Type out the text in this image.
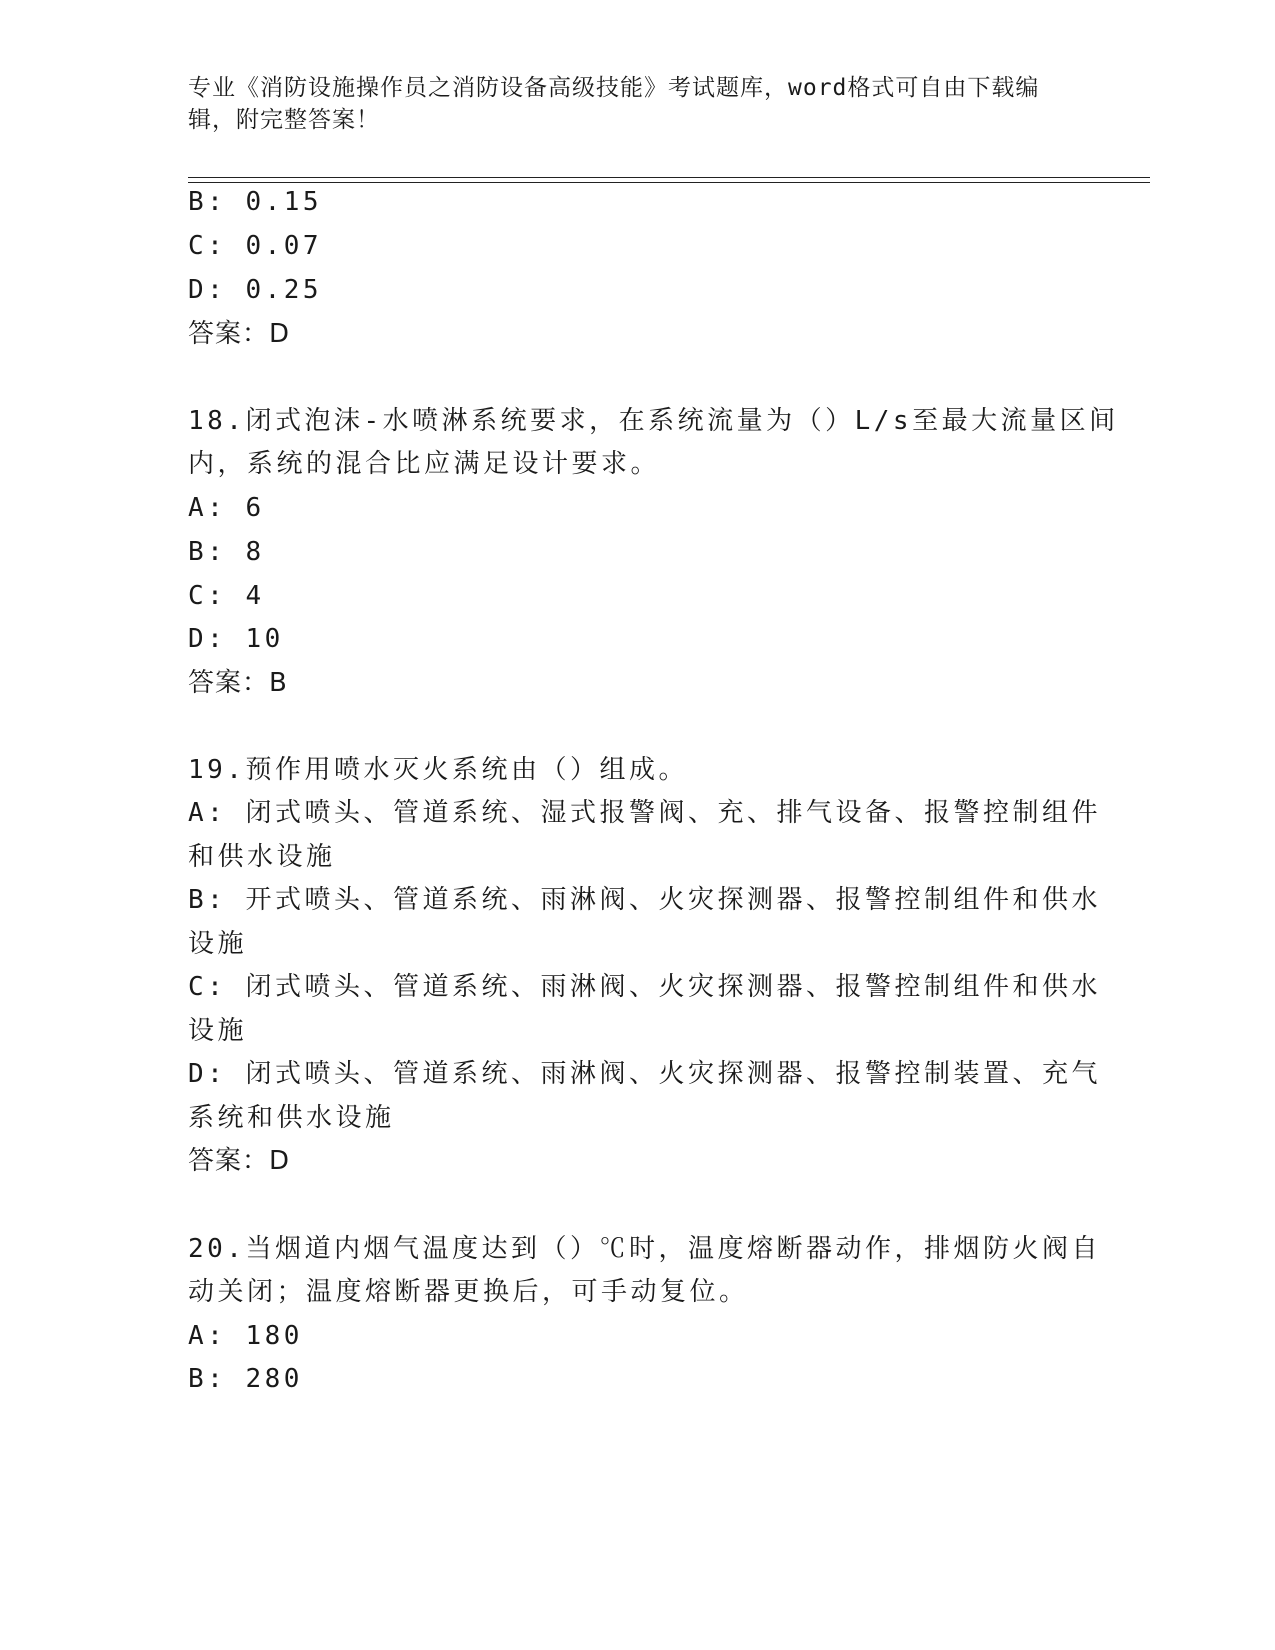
专业《消防设施操作员之消防设备高级技能》考试题库，word格式可自由下载编
辑，附完整答案！
B: 0.15
C: 0.07
D: 0.25
答案：D
18.闭式泡沫-水喷淋系统要求，在系统流量为（）L/s至最大流量区间
内，系统的混合比应满足设计要求。
A: 6
B: 8
C: 4
D: 10
答案：B
19.预作用喷水灭火系统由（）组成。
A: 闭式喷头、管道系统、湿式报警阀、充、排气设备、报警控制组件
和供水设施
B: 开式喷头、管道系统、雨淋阀、火灾探测器、报警控制组件和供水
设施
C: 闭式喷头、管道系统、雨淋阀、火灾探测器、报警控制组件和供水
设施
D: 闭式喷头、管道系统、雨淋阀、火灾探测器、报警控制装置、充气
系统和供水设施
答案：D
20.当烟道内烟气温度达到（）℃时，温度熔断器动作，排烟防火阀自
动关闭；温度熔断器更换后，可手动复位。
A: 180
B: 280
